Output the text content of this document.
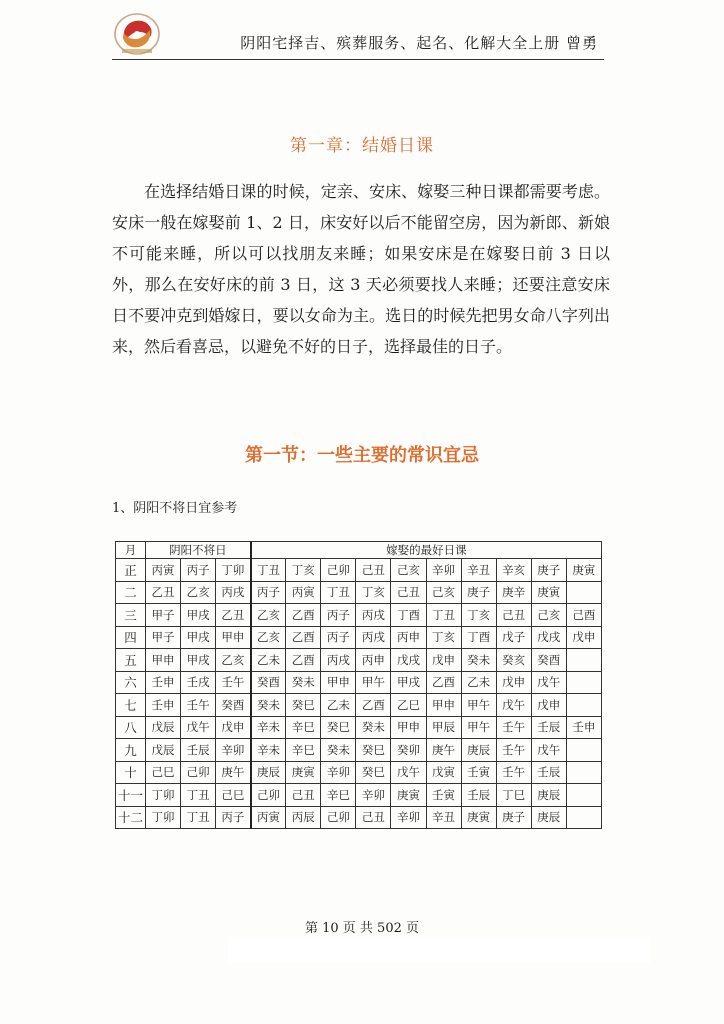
阴阳宅择吉、殡葬服务、起名、化解大全上册 曾勇
第一章：结婚日课
在选择结婚日课的时候，定亲、安床、嫁娶三种日课都需要考虑。安床一般在嫁娶前 1、2 日，床安好以后不能留空房，因为新郎、新娘不可能来睡，所以可以找朋友来睡；如果安床是在嫁娶日前 3 日以外，那么在安好床的前 3 日，这 3 天必须要找人来睡；还要注意安床日不要冲克到婚嫁日，要以女命为主。选日的时候先把男女命八字列出来，然后看喜忌，以避免不好的日子，选择最佳的日子。
第一节：一些主要的常识宜忌
1、阴阳不将日宜参考
月	阴阳不将日			嫁娶的最好日课									
正	丙寅	丙子	丁卯	丁丑	丁亥	己卯	己丑	己亥	辛卯	辛丑	辛亥	庚子	庚寅
二	乙丑	乙亥	丙戌	丙子	丙寅	丁丑	丁亥	己丑	己亥	庚子	庚辛	庚寅	
三	甲子	甲戌	乙丑	乙亥	乙酉	丙子	丙戌	丁酉	丁丑	丁亥	己丑	己亥	己酉
四	甲子	甲戌	甲申	乙亥	乙酉	丙子	丙戌	丙申	丁亥	丁酉	戊子	戊戌	戊申
五	甲申	甲戌	乙亥	乙未	乙酉	丙戌	丙申	戊戌	戊申	癸未	癸亥	癸酉	
六	壬申	壬戌	壬午	癸酉	癸未	甲申	甲午	甲戌	乙酉	乙未	戊申	戊午	
七	壬申	壬午	癸酉	癸未	癸巳	乙未	乙酉	乙巳	甲申	甲午	戊午	戊申	
八	戊辰	戊午	戊申	辛未	辛巳	癸巳	癸未	甲申	甲辰	甲午	壬午	壬辰	壬申
九	戊辰	壬辰	辛卯	辛未	辛巳	癸未	癸巳	癸卯	庚午	庚辰	壬午	戊午	
十	己巳	己卯	庚午	庚辰	庚寅	辛卯	癸巳	戊午	戊寅	壬寅	壬午	壬辰	
十一	丁卯	丁丑	己巳	己卯	己丑	辛巳	辛卯	庚寅	壬寅	壬辰	丁巳	庚辰	
十二	丁卯	丁丑	丙子	丙寅	丙辰	己卯	己丑	辛卯	辛丑	庚寅	庚子	庚辰	
第 10 页 共 502 页
